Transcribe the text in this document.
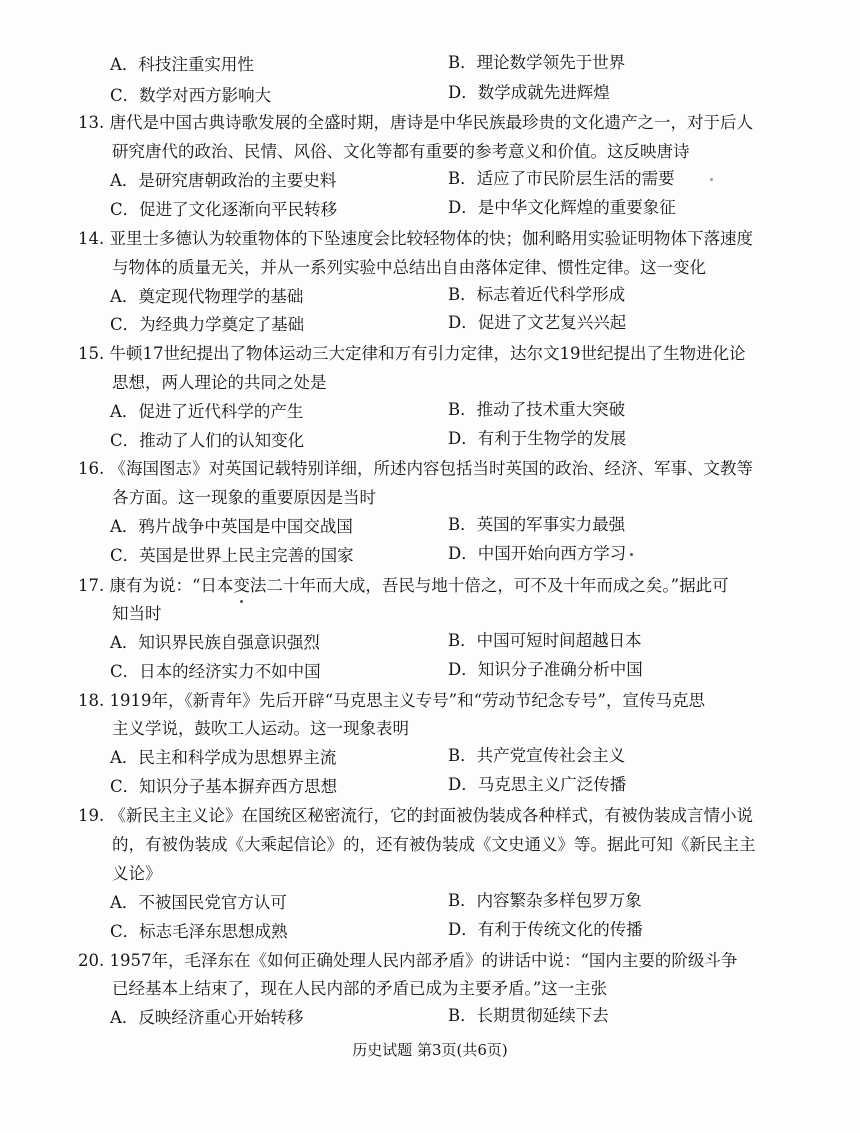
A．科技注重实用性	B．理论数学领先于世界
C．数学对西方影响大	D．数学成就先进辉煌
13. 唐代是中国古典诗歌发展的全盛时期，唐诗是中华民族最珍贵的文化遗产之一，对于后人
研究唐代的政治、民情、风俗、文化等都有重要的参考意义和价值。这反映唐诗
A．是研究唐朝政治的主要史料	B．适应了市民阶层生活的需要
C．促进了文化逐渐向平民转移	D．是中华文化辉煌的重要象征
14. 亚里士多德认为较重物体的下坠速度会比较轻物体的快；伽利略用实验证明物体下落速度
与物体的质量无关，并从一系列实验中总结出自由落体定律、惯性定律。这一变化
A．奠定现代物理学的基础	B．标志着近代科学形成
C．为经典力学奠定了基础	D．促进了文艺复兴兴起
15. 牛顿17世纪提出了物体运动三大定律和万有引力定律，达尔文19世纪提出了生物进化论
思想，两人理论的共同之处是
A．促进了近代科学的产生	B．推动了技术重大突破
C．推动了人们的认知变化	D．有利于生物学的发展
16. 《海国图志》对英国记载特别详细，所述内容包括当时英国的政治、经济、军事、文教等
各方面。这一现象的重要原因是当时
A．鸦片战争中英国是中国交战国	B．英国的军事实力最强
C．英国是世界上民主完善的国家	D．中国开始向西方学习
17. 康有为说：“日本变法二十年而大成，吾民与地十倍之，可不及十年而成之矣。”据此可
知当时
A．知识界民族自强意识强烈	B．中国可短时间超越日本
C．日本的经济实力不如中国	D．知识分子准确分析中国
18. 1919年，《新青年》先后开辟“马克思主义专号”和“劳动节纪念专号”，宣传马克思
主义学说，鼓吹工人运动。这一现象表明
A．民主和科学成为思想界主流	B．共产党宣传社会主义
C．知识分子基本摒弃西方思想	D．马克思主义广泛传播
19. 《新民主主义论》在国统区秘密流行，它的封面被伪装成各种样式，有被伪装成言情小说
的，有被伪装成《大乘起信论》的，还有被伪装成《文史通义》等。据此可知《新民主主
义论》
A．不被国民党官方认可	B．内容繁杂多样包罗万象
C．标志毛泽东思想成熟	D．有利于传统文化的传播
20. 1957年，毛泽东在《如何正确处理人民内部矛盾》的讲话中说：“国内主要的阶级斗争
已经基本上结束了，现在人民内部的矛盾已成为主要矛盾。”这一主张
A．反映经济重心开始转移	B．长期贯彻延续下去
历史试题 第3页(共6页)
